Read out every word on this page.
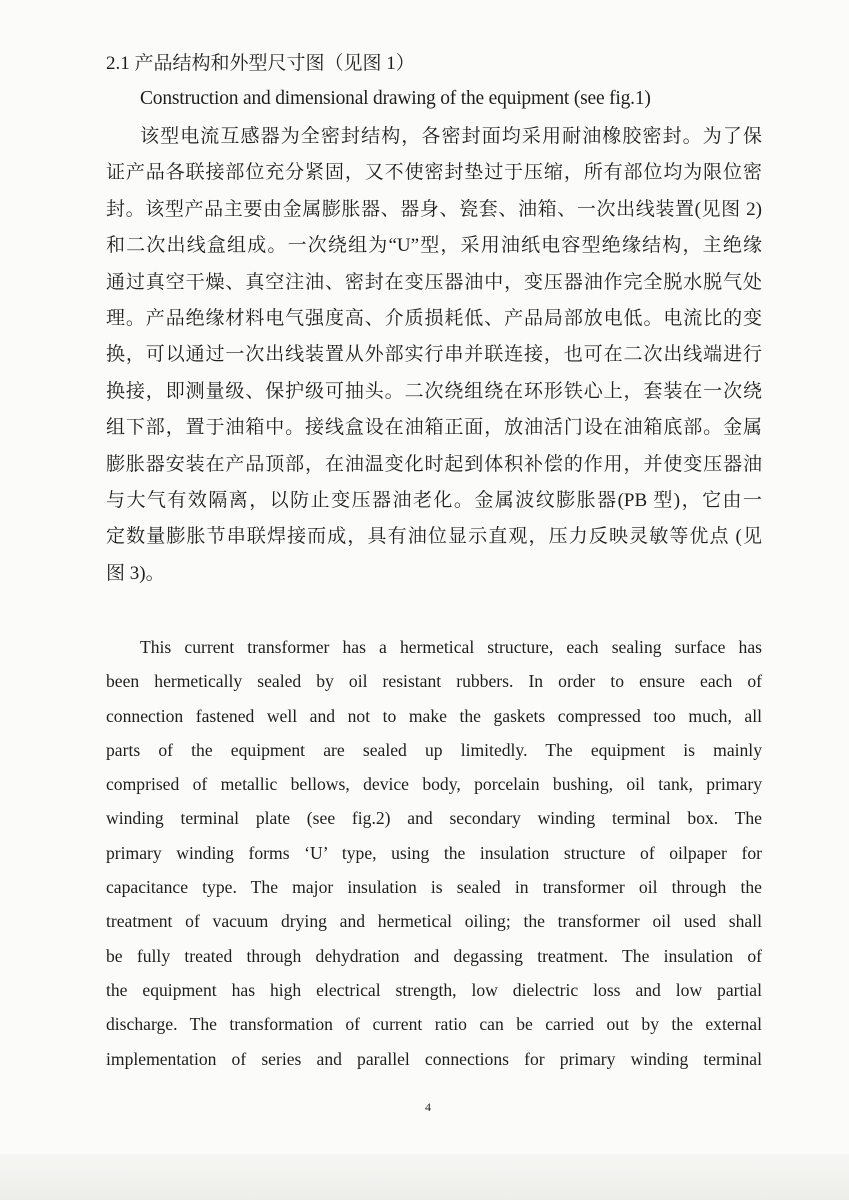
2.1 产品结构和外型尺寸图（见图 1）
Construction and dimensional drawing of the equipment (see fig.1)
该型电流互感器为全密封结构，各密封面均采用耐油橡胶密封。为了保
证产品各联接部位充分紧固，又不使密封垫过于压缩，所有部位均为限位密
封。该型产品主要由金属膨胀器、器身、瓷套、油箱、一次出线装置(见图 2)
和二次出线盒组成。一次绕组为“U”型，采用油纸电容型绝缘结构，主绝缘
通过真空干燥、真空注油、密封在变压器油中，变压器油作完全脱水脱气处
理。产品绝缘材料电气强度高、介质损耗低、产品局部放电低。电流比的变
换，可以通过一次出线装置从外部实行串并联连接，也可在二次出线端进行
换接，即测量级、保护级可抽头。二次绕组绕在环形铁心上，套装在一次绕
组下部，置于油箱中。接线盒设在油箱正面，放油活门设在油箱底部。金属
膨胀器安装在产品顶部，在油温变化时起到体积补偿的作用，并使变压器油
与大气有效隔离，以防止变压器油老化。金属波纹膨胀器(PB 型)，它由一
定数量膨胀节串联焊接而成，具有油位显示直观，压力反映灵敏等优点 (见
图 3)。
This current transformer has a hermetical structure, each sealing surface has
been hermetically sealed by oil resistant rubbers. In order to ensure each of
connection fastened well and not to make the gaskets compressed too much, all
parts of the equipment are sealed up limitedly. The equipment is mainly
comprised of metallic bellows, device body, porcelain bushing, oil tank, primary
winding terminal plate (see fig.2) and secondary winding terminal box. The
primary winding forms ‘U’ type, using the insulation structure of oilpaper for
capacitance type. The major insulation is sealed in transformer oil through the
treatment of vacuum drying and hermetical oiling; the transformer oil used shall
be fully treated through dehydration and degassing treatment. The insulation of
the equipment has high electrical strength, low dielectric loss and low partial
discharge. The transformation of current ratio can be carried out by the external
implementation of series and parallel connections for primary winding terminal
4
